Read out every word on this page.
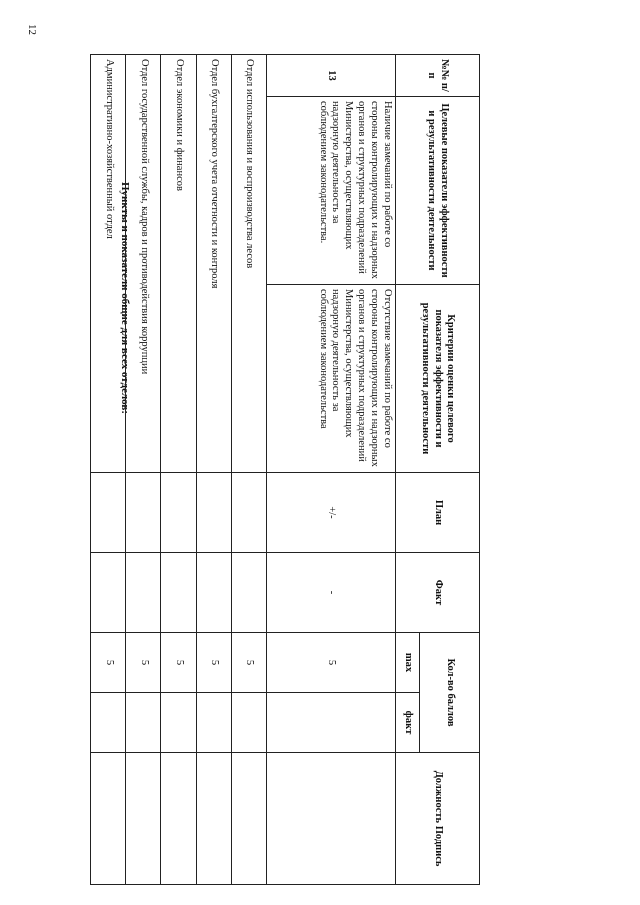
12
Пункты и показатели общие для всех отделов:
№№ п/п	Целевые показатели эффективности и результативности деятельности	Критерии оценки целевого показателя эффективности и результативности деятельности	План	Факт	Кол-во баллов		Должность Подпись
					max	факт	
13	Наличие замечаний по работе со стороны контролирующих и надзорных органов и структурных подразделений Министерства, осуществляющих надзорную деятельность за соблюдением законодательства.	Отсутствие замечаний по работе со стороны контролирующих и надзорных органов и структурных подразделений Министерства, осуществляющих надзорную деятельность за соблюдением законодательства	+/-	-	5		
Отдел использования и воспроизводства лесов					5		
Отдел бухгалтерского учета отчетности и контроля					5		
Отдел экономики и финансов					5		
Отдел государственной службы, кадров и противодействия коррупции					5		
Административно-хозяйственный отдел					5		
